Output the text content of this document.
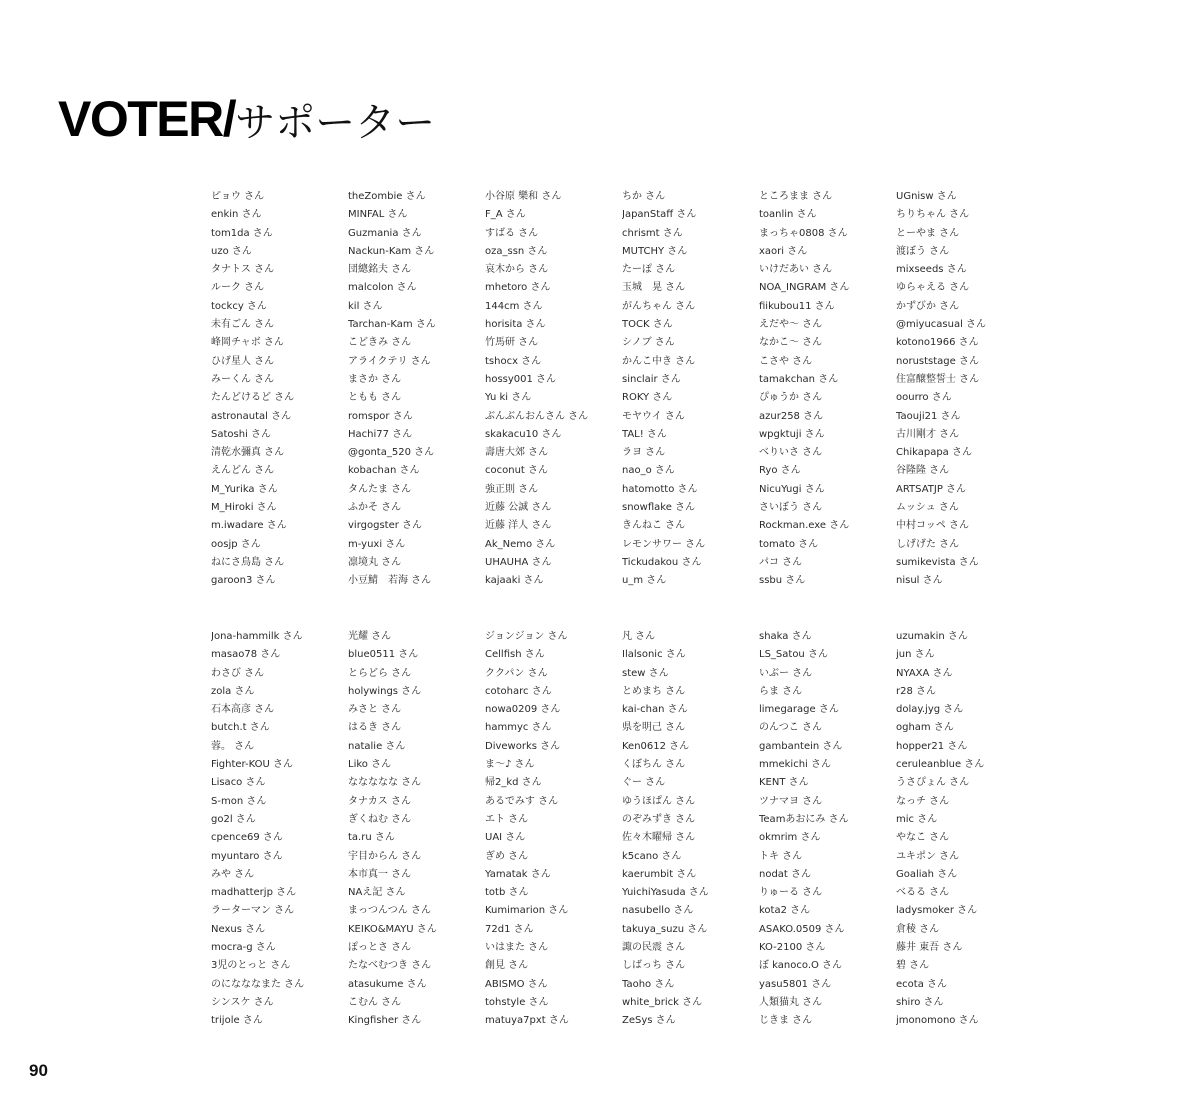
VOTER/サポーター
ピョウ さん
enkin さん
tom1da さん
uzo さん
タナトス さん
ルーク さん
tockcy さん
未有ごん さん
峰岡チャボ さん
ひげ星人 さん
みーくん さん
たんどけるど さん
astronautal さん
Satoshi さん
清乾水彌真 さん
えんどん さん
M_Yurika さん
M_Hiroki さん
m.iwadare さん
oosjp さん
ねにさ鳥島 さん
garoon3 さん
theZombie さん
MINFAL さん
Guzmania さん
Nackun-Kam さん
団總銘夫 さん
malcolon さん
kil さん
Tarchan-Kam さん
こどきみ さん
アライクテリ さん
まさか さん
ともも さん
romspor さん
Hachi77 さん
@gonta_520 さん
kobachan さん
タんたま さん
ふかそ さん
virgogster さん
m-yuxi さん
凛境丸 さん
小豆鯖　若海 さん
小谷原 樂和 さん
F_A さん
すばる さん
oza_ssn さん
哀木から さん
mhetoro さん
144cm さん
horisita さん
竹馬研 さん
tshocx さん
hossy001 さん
Yu ki さん
ぶんぶんおんさん さん
skakacu10 さん
壽唐大郊 さん
coconut さん
強正則 さん
近藤 公誠 さん
近藤 洋人 さん
Ak_Nemo さん
UHAUHA さん
kajaaki さん
ちか さん
JapanStaff さん
chrismt さん
MUTCHY さん
たーぽ さん
玉城　晃 さん
がんちゃん さん
TOCK さん
シノブ さん
かんこ中き さん
sinclair さん
ROKY さん
モヤウイ さん
TAL! さん
ラヨ さん
nao_o さん
hatomotto さん
snowflake さん
きんねこ さん
レモンサワー さん
Tickudakou さん
u_m さん
ところまま さん
toanlin さん
まっちゃ0808 さん
xaori さん
いけだあい さん
NOA_INGRAM さん
fiikubou11 さん
えだや〜 さん
なかこ〜 さん
こさや さん
tamakchan さん
ぴゅうか さん
azur258 さん
wpgktuji さん
べりいさ さん
Ryo さん
NicuYugi さん
さいぼう さん
Rockman.exe さん
tomato さん
パコ さん
ssbu さん
UGnisw さん
ちりちゃん さん
とーやま さん
渡ぼう さん
mixseeds さん
ゆらゃえる さん
かずびか さん
@miyucasual さん
kotono1966 さん
noruststage さん
住富醸整誓士 さん
oourro さん
Taouji21 さん
古川剛才 さん
Chikapapa さん
谷隆隆 さん
ARTSATJP さん
ムッシュ さん
中村コッペ さん
しげげた さん
sumikevista さん
nisul さん
Jona-hammilk さん
masao78 さん
わさび さん
zola さん
石本高彦 さん
butch.t さん
蓉。 さん
Fighter-KOU さん
Lisaco さん
S-mon さん
go2l さん
cpence69 さん
myuntaro さん
みや さん
madhatterjp さん
ラーターマン さん
Nexus さん
mocra-g さん
3児のとっと さん
のになななまた さん
シンスケ さん
trijole さん
光耀 さん
blue0511 さん
とらどら さん
holywings さん
みさと さん
はるき さん
natalie さん
Liko さん
ななななな さん
タナカス さん
ぎくねむ さん
ta.ru さん
宇目からん さん
本市真一 さん
NAえ記 さん
まっつんつん さん
KEIKO&MAYU さん
ぽっとさ さん
たなべむつき さん
atasukume さん
こむん さん
Kingfisher さん
ジョンジョン さん
Cellfish さん
ククパン さん
cotoharc さん
nowa0209 さん
hammyc さん
Diveworks さん
ま〜♪ さん
帰2_kd さん
あるでみす さん
エト さん
UAI さん
ぎめ さん
Yamatak さん
totb さん
Kumimarion さん
72d1 さん
いはまた さん
創見 さん
ABISMO さん
tohstyle さん
matuya7pxt さん
凡 さん
Ilalsonic さん
stew さん
とめまち さん
kai-chan さん
県を明己 さん
Ken0612 さん
くぼちん さん
ぐー さん
ゆうほぱん さん
のぞみずき さん
佐々木曜帰 さん
k5cano さん
kaerumbit さん
YuichiYasuda さん
nasubello さん
takuya_suzu さん
諏の民震 さん
しばっち さん
Taoho さん
white_brick さん
ZeSys さん
shaka さん
LS_Satou さん
いぶー さん
らま さん
limegarage さん
のんつこ さん
gambantein さん
mmekichi さん
KENT さん
ツナマヨ さん
Teamあおにみ さん
okmrim さん
トキ さん
nodat さん
りゅーる さん
kota2 さん
ASAKO.0509 さん
KO-2100 さん
ぼ kanoco.O さん
yasu5801 さん
人類猫丸 さん
じきま さん
uzumakin さん
jun さん
NYAXA さん
r28 さん
dolay.jyg さん
ogham さん
hopper21 さん
ceruleanblue さん
うさぴょん さん
なっチ さん
mic さん
やなこ さん
ユキポン さん
Goaliah さん
べるる さん
ladysmoker さん
倉稜 さん
藤井 東吾 さん
碧 さん
ecota さん
shiro さん
jmonomono さん
90
